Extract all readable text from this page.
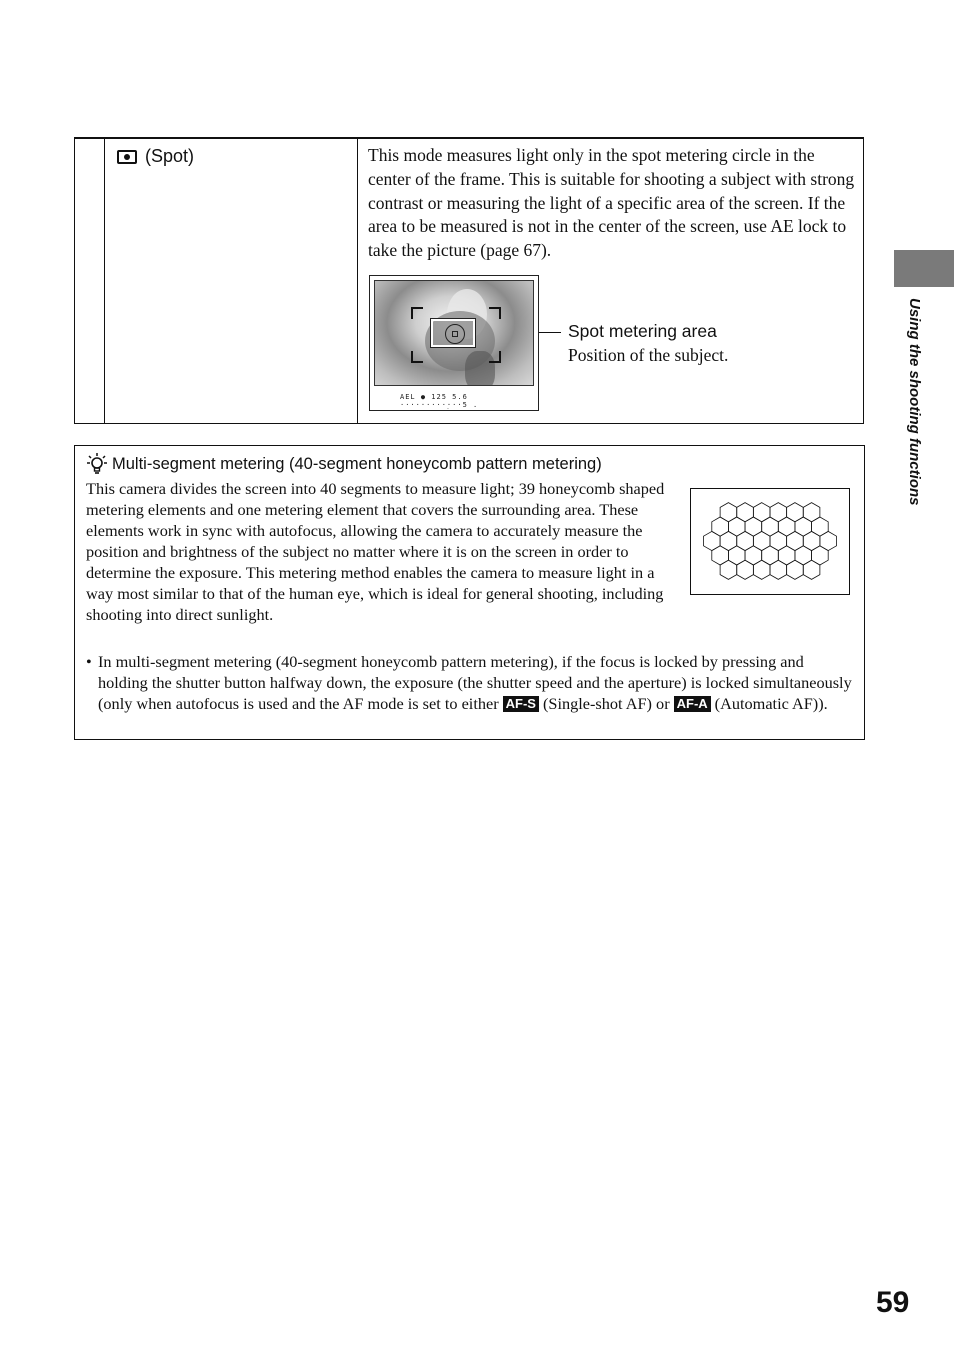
(Spot)	This mode measures light only in the spot metering circle in the center of the frame. This is suitable for shooting a subject with strong contrast or measuring the light of a specific area of the screen. If the area to be measured is not in the center of the screen, use AE lock to take the picture (page 67).

AEL ● 125 5.6 ·········̣···5 .
Spot metering area
Position of the subject.
Multi-segment metering (40-segment honeycomb pattern metering)

This camera divides the screen into 40 segments to measure light; 39 honeycomb shaped metering elements and one metering element that covers the surrounding area. These elements work in sync with autofocus, allowing the camera to accurately measure the position and brightness of the subject no matter where it is on the screen in order to determine the exposure. This metering method enables the camera to measure light in a way most similar to that of the human eye, which is ideal for general shooting, including shooting into direct sunlight.

• In multi-segment metering (40-segment honeycomb pattern metering), if the focus is locked by pressing and holding the shutter button halfway down, the exposure (the shutter speed and the aperture) is locked simultaneously (only when autofocus is used and the AF mode is set to either AF-S (Single-shot AF) or AF-A (Automatic AF)).

Using the shooting functions
59
